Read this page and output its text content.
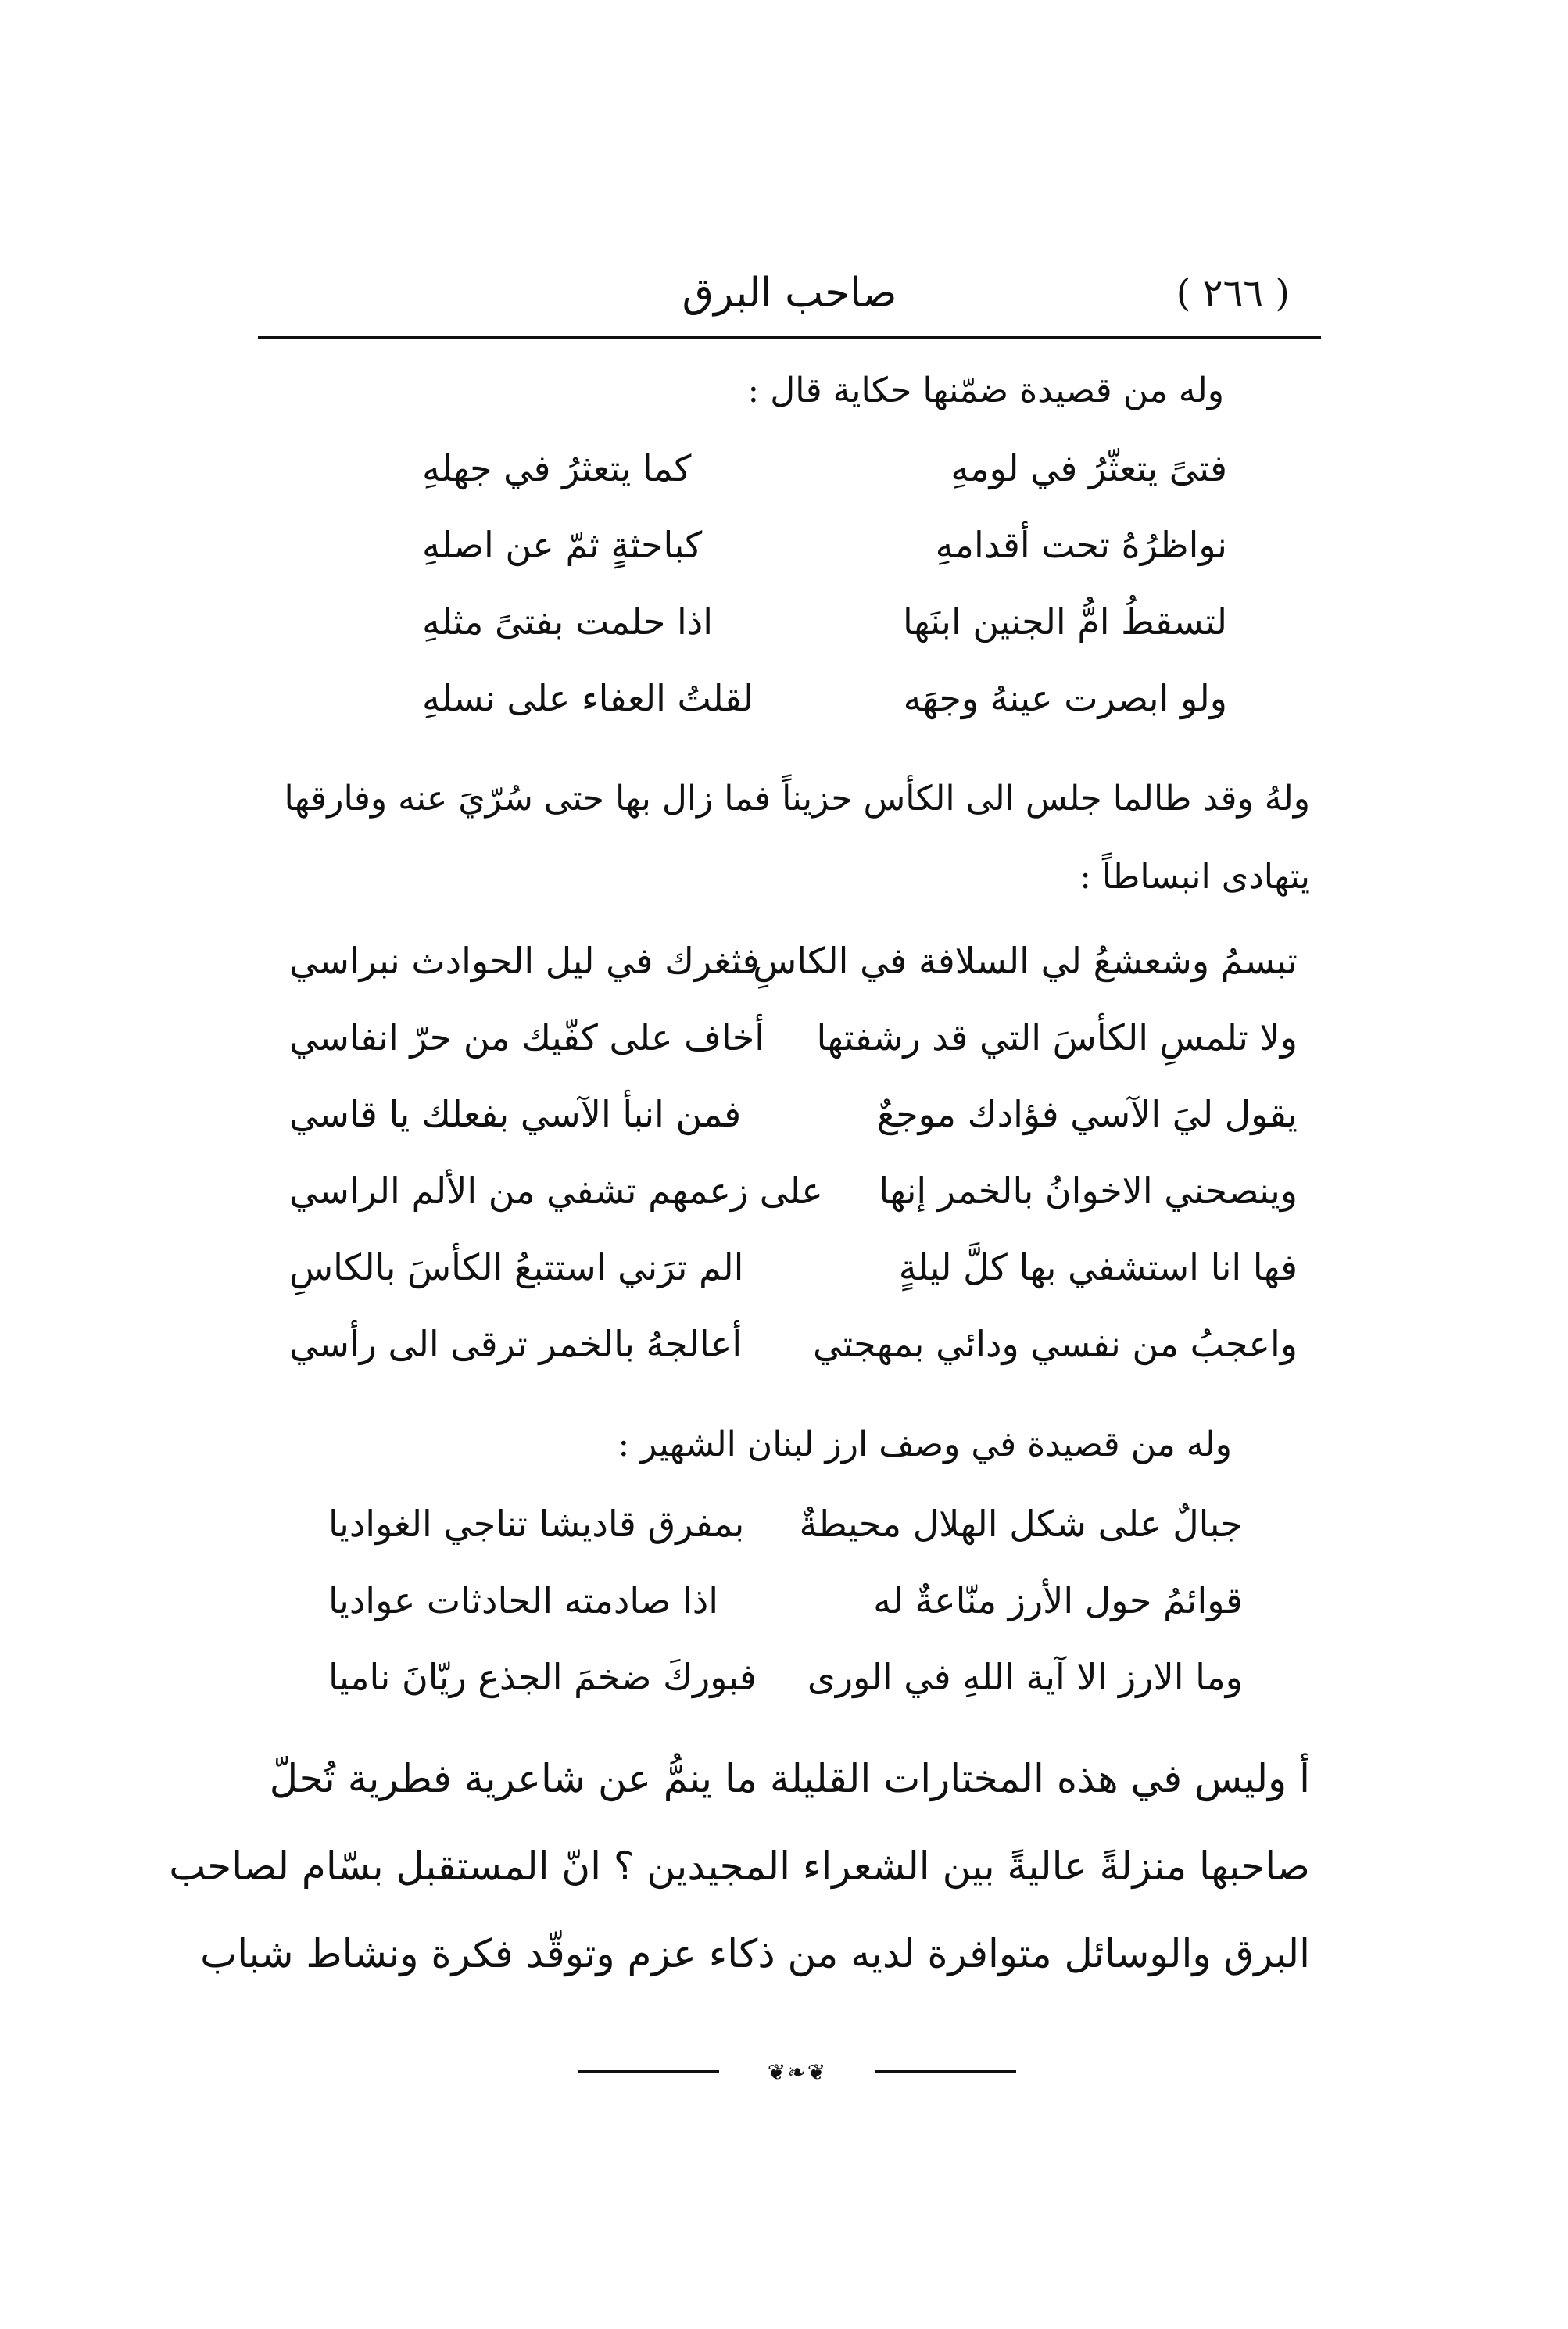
صاحب البرق	( ٢٦٦ )
وله من قصيدة ضمّنها حكاية قال :
فتىً يتعثّرُ في لومهِ
كما يتعثرُ في جهلهِ
نواظرُهُ تحت أقدامهِ
كباحثةٍ ثمّ عن اصلهِ
لتسقطُ امُّ الجنين ابنَها
اذا حلمت بفتىً مثلهِ
ولو ابصرت عينهُ وجهَه
لقلتُ العفاء على نسلهِ
ولهُ وقد طالما جلس الى الكأس حزيناً فما زال بها حتى سُرّيَ عنه وفارقها
يتهادى انبساطاً :
تبسمُ وشعشعُ لي السلافة في الكاسِ
فثغرك في ليل الحوادث نبراسي
ولا تلمسِ الكأسَ التي قد رشفتها
أخاف على كفّيك من حرّ انفاسي
يقول ليَ الآسي فؤادك موجعٌ
فمن انبأ الآسي بفعلك يا قاسي
وينصحني الاخوانُ بالخمر إنها
على زعمهم تشفي من الألم الراسي
فها انا استشفي بها كلَّ ليلةٍ
الم ترَني استتبعُ الكأسَ بالكاسِ
واعجبُ من نفسي ودائي بمهجتي
أعالجهُ بالخمر ترقى الى رأسي
وله من قصيدة في وصف ارز لبنان الشهير :
جبالٌ على شكل الهلال محيطةٌ
بمفرق قاديشا تناجي الغواديا
قوائمُ حول الأرز منّاعةٌ له
اذا صادمته الحادثات عواديا
وما الارز الا آية اللهِ في الورى
فبوركَ ضخمَ الجذع ريّانَ ناميا
أ وليس في هذه المختارات القليلة ما ينمُّ عن شاعرية فطرية تُحلّ
صاحبها منزلةً عاليةً بين الشعراء المجيدين ؟ انّ المستقبل بسّام لصاحب
البرق والوسائل متوافرة لديه من ذكاء عزم وتوقّد فكرة ونشاط شباب
❦❧❦
